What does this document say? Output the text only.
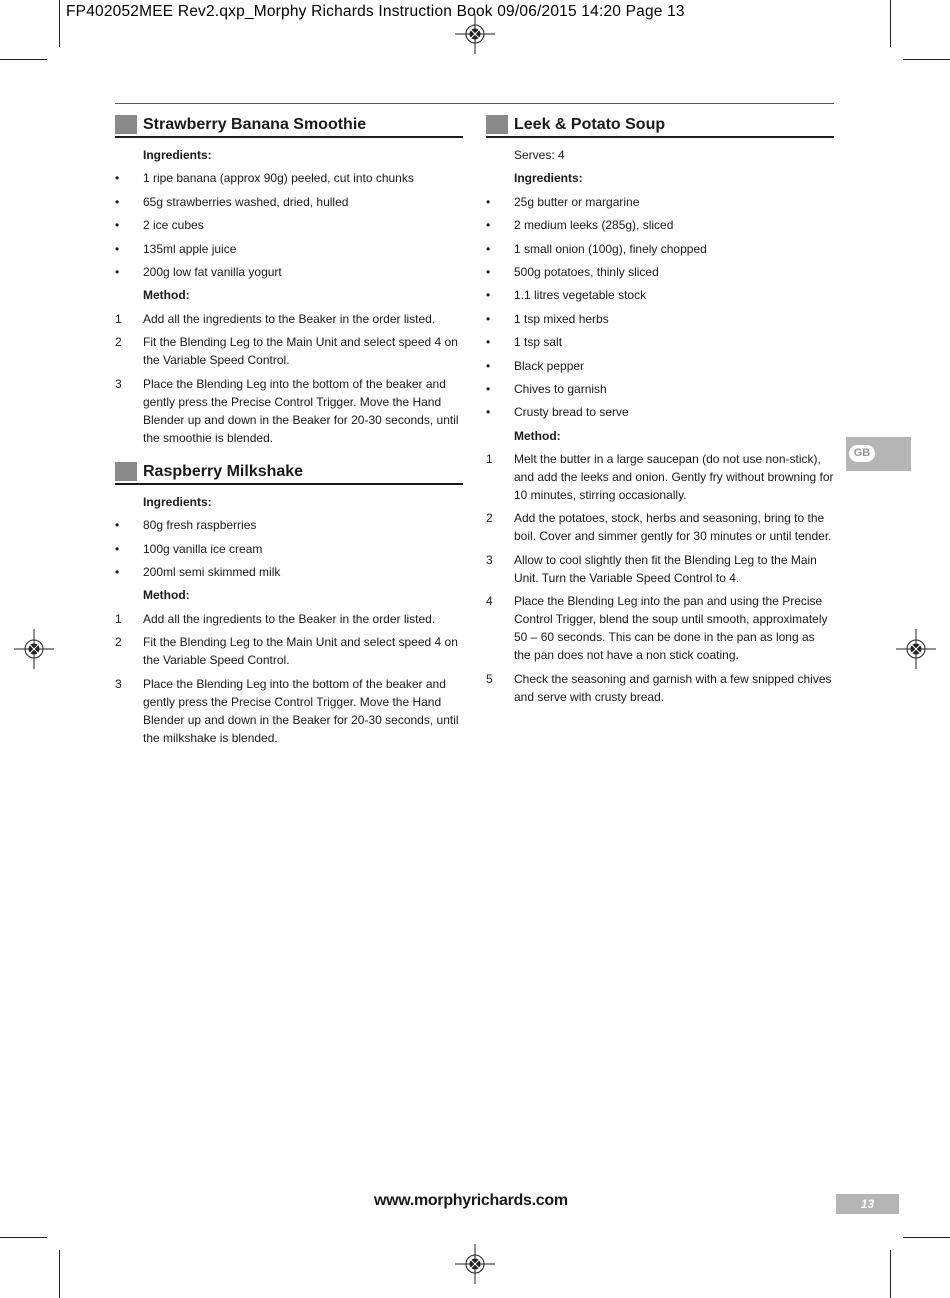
FP402052MEE Rev2.qxp_Morphy Richards Instruction Book 09/06/2015 14:20 Page 13
Strawberry Banana Smoothie
Ingredients:
•	1 ripe banana (approx 90g) peeled, cut into chunks
•	65g strawberries washed, dried, hulled
•	2 ice cubes
•	135ml apple juice
•	200g low fat vanilla yogurt
Method:
1	Add all the ingredients to the Beaker in the order listed.
2	Fit the Blending Leg to the Main Unit and select speed 4 on the Variable Speed Control.
3	Place the Blending Leg into the bottom of the beaker and gently press the Precise Control Trigger. Move the Hand Blender up and down in the Beaker for 20-30 seconds, until the smoothie is blended.
Raspberry Milkshake
Ingredients:
•	80g fresh raspberries
•	100g vanilla ice cream
•	200ml semi skimmed milk
Method:
1	Add all the ingredients to the Beaker in the order listed.
2	Fit the Blending Leg to the Main Unit and select speed 4 on the Variable Speed Control.
3	Place the Blending Leg into the bottom of the beaker and gently press the Precise Control Trigger. Move the Hand Blender up and down in the Beaker for 20-30 seconds, until the milkshake is blended.
Leek & Potato Soup
Serves: 4
Ingredients:
•	25g butter or margarine
•	2 medium leeks (285g), sliced
•	1 small onion (100g), finely chopped
•	500g potatoes, thinly sliced
•	1.1 litres vegetable stock
•	1 tsp mixed herbs
•	1 tsp salt
•	Black pepper
•	Chives to garnish
•	Crusty bread to serve
Method:
1	Melt the butter in a large saucepan (do not use non-stick), and add the leeks and onion. Gently fry without browning for 10 minutes, stirring occasionally.
2	Add the potatoes, stock, herbs and seasoning, bring to the boil. Cover and simmer gently for 30 minutes or until tender.
3	Allow to cool slightly then fit the Blending Leg to the Main Unit. Turn the Variable Speed Control to 4.
4	Place the Blending Leg into the pan and using the Precise Control Trigger, blend the soup until smooth, approximately 50 – 60 seconds. This can be done in the pan as long as the pan does not have a non stick coating.
5	Check the seasoning and garnish with a few snipped chives and serve with crusty bread.
GB
www.morphyrichards.com	13
